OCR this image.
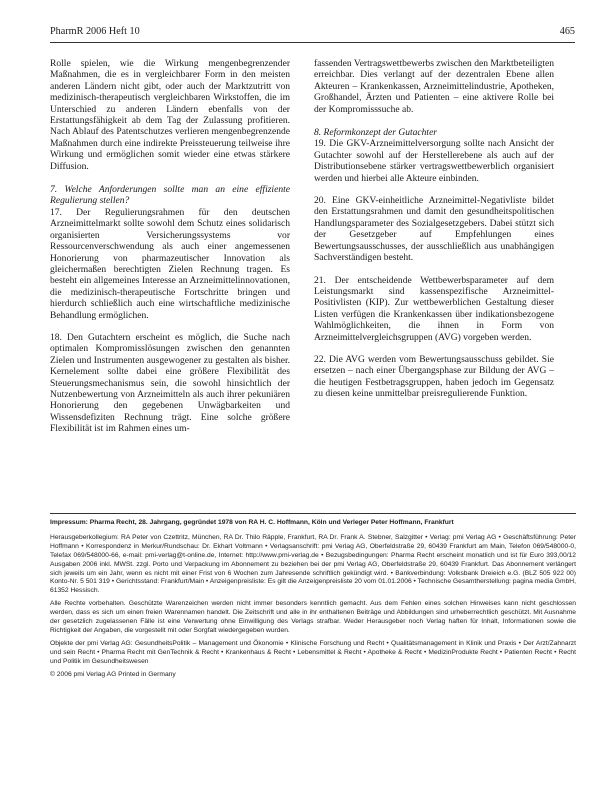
PharmR 2006 Heft 10	465

Rolle spielen, wie die Wirkung mengenbegrenzender Maßnahmen, die es in vergleichbarer Form in den meisten anderen Ländern nicht gibt, oder auch der Marktzutritt von medizinisch-therapeutisch vergleichbaren Wirkstoffen, die im Unterschied zu anderen Ländern ebenfalls von der Erstattungsfähigkeit ab dem Tag der Zulassung profitieren. Nach Ablauf des Patentschutzes verlieren mengenbegrenzende Maßnahmen durch eine indirekte Preissteuerung teilweise ihre Wirkung und ermöglichen somit wieder eine etwas stärkere Diffusion.

7. Welche Anforderungen sollte man an eine effiziente Regulierung stellen?

17. Der Regulierungsrahmen für den deutschen Arzneimittelmarkt sollte sowohl dem Schutz eines solidarisch organisierten Versicherungssystems vor Ressourcenverschwendung als auch einer angemessenen Honorierung von pharmazeutischer Innovation als gleichermaßen berechtigten Zielen Rechnung tragen. Es besteht ein allgemeines Interesse an Arzneimittelinnovationen, die medizinisch-therapeutische Fortschritte bringen und hierdurch schließlich auch eine wirtschaftliche medizinische Behandlung ermöglichen.

18. Den Gutachtern erscheint es möglich, die Suche nach optimalen Kompromisslösungen zwischen den genannten Zielen und Instrumenten ausgewogener zu gestalten als bisher. Kernelement sollte dabei eine größere Flexibilität des Steuerungsmechanismus sein, die sowohl hinsichtlich der Nutzenbewertung von Arzneimitteln als auch ihrer pekuniären Honorierung den gegebenen Unwägbarkeiten und Wissensdefiziten Rechnung trägt. Eine solche größere Flexibilität ist im Rahmen eines um-

fassenden Vertragswettbewerbs zwischen den Marktbeteiligten erreichbar. Dies verlangt auf der dezentralen Ebene allen Akteuren – Krankenkassen, Arzneimittelindustrie, Apotheken, Großhandel, Ärzten und Patienten – eine aktivere Rolle bei der Kompromisssuche ab.

8. Reformkonzept der Gutachter

19. Die GKV-Arzneimittelversorgung sollte nach Ansicht der Gutachter sowohl auf der Herstellerebene als auch auf der Distributionsebene stärker vertragswettbewerblich organisiert werden und hierbei alle Akteure einbinden.

20. Eine GKV-einheitliche Arzneimittel-Negativliste bildet den Erstattungsrahmen und damit den gesundheitspolitischen Handlungsparameter des Sozialgesetzgebers. Dabei stützt sich der Gesetzgeber auf Empfehlungen eines Bewertungsausschusses, der ausschließlich aus unabhängigen Sachverständigen besteht.

21. Der entscheidende Wettbewerbsparameter auf dem Leistungsmarkt sind kassenspezifische Arzneimittel-Positivlisten (KIP). Zur wettbewerblichen Gestaltung dieser Listen verfügen die Krankenkassen über indikationsbezogene Wahlmöglichkeiten, die ihnen in Form von Arzneimittelvergleichsgruppen (AVG) vorgeben werden.

22. Die AVG werden vom Bewertungsausschuss gebildet. Sie ersetzen – nach einer Übergangsphase zur Bildung der AVG – die heutigen Festbetragsgruppen, haben jedoch im Gegensatz zu diesen keine unmittelbar preisregulierende Funktion.

Impressum: Pharma Recht, 28. Jahrgang, gegründet 1978 von RA H. C. Hoffmann, Köln und Verleger Peter Hoffmann, Frankfurt

Herausgeberkollegium: RA Peter von Czettritz, München, RA Dr. Thilo Räpple, Frankfurt, RA Dr. Frank A. Stebner, Salzgitter • Verlag: pmi Verlag AG • Geschäftsführung: Peter Hoffmann • Korrespondenz in Merkur/Rundschau: Dr. Ekhart Voltmann • Verlagsanschrift: pmi Verlag AG, Oberfeldstraße 29, 60439 Frankfurt am Main, Telefon 069/548000-0, Telefax 069/548000-66, e-mail: pmi-verlag@t-online.de, Internet: http://www.pmi-verlag.de • Bezugsbedingungen: Pharma Recht erscheint monatlich und ist für Euro 393,00/12 Ausgaben 2006 inkl. MWSt. zzgl. Porto und Verpackung im Abonnement zu beziehen bei der pmi Verlag AG, Oberfeldstraße 29, 60439 Frankfurt. Das Abonnement verlängert sich jeweils um ein Jahr, wenn es nicht mit einer Frist von 6 Wochen zum Jahresende schriftlich gekündigt wird. • Bankverbindung: Volksbank Dreieich e.G. (BLZ 505 922 00) Konto-Nr. 5 501 319 • Gerichtsstand: Frankfurt/Main • Anzeigenpreisliste: Es gilt die Anzeigenpreisliste 20 vom 01.01.2006 • Technische Gesamtherstellung: pagina media GmbH, 61352 Hessisch.

Alle Rechte vorbehalten. Geschützte Warenzeichen werden nicht immer besonders kenntlich gemacht. Aus dem Fehlen eines solchen Hinweises kann nicht geschlossen werden, dass es sich um einen freien Warennamen handelt. Die Zeitschrift und alle in ihr enthaltenen Beiträge und Abbildungen sind urheberrechtlich geschützt. Mit Ausnahme der gesetzlich zugelassenen Fälle ist eine Verwertung ohne Einwilligung des Verlags strafbar. Weder Herausgeber noch Verlag haften für Inhalt, Informationen sowie die Richtigkeit der Angaben, die vorgestellt mit oder Sorgfalt wiedergegeben wurden.

Objekte der pmi Verlag AG: GesundheitsPolitik – Management und Ökonomie • Klinische Forschung und Recht • Qualitätsmanagement in Klinik und Praxis • Der Arzt/Zahnarzt und sein Recht • Pharma Recht mit GenTechnik & Recht • Krankenhaus & Recht • Lebensmittel & Recht • Apotheke & Recht • MedizinProdukte Recht • Patienten Recht • Recht und Politik im Gesundheitswesen

© 2006 pmi Verlag AG Printed in Germany
